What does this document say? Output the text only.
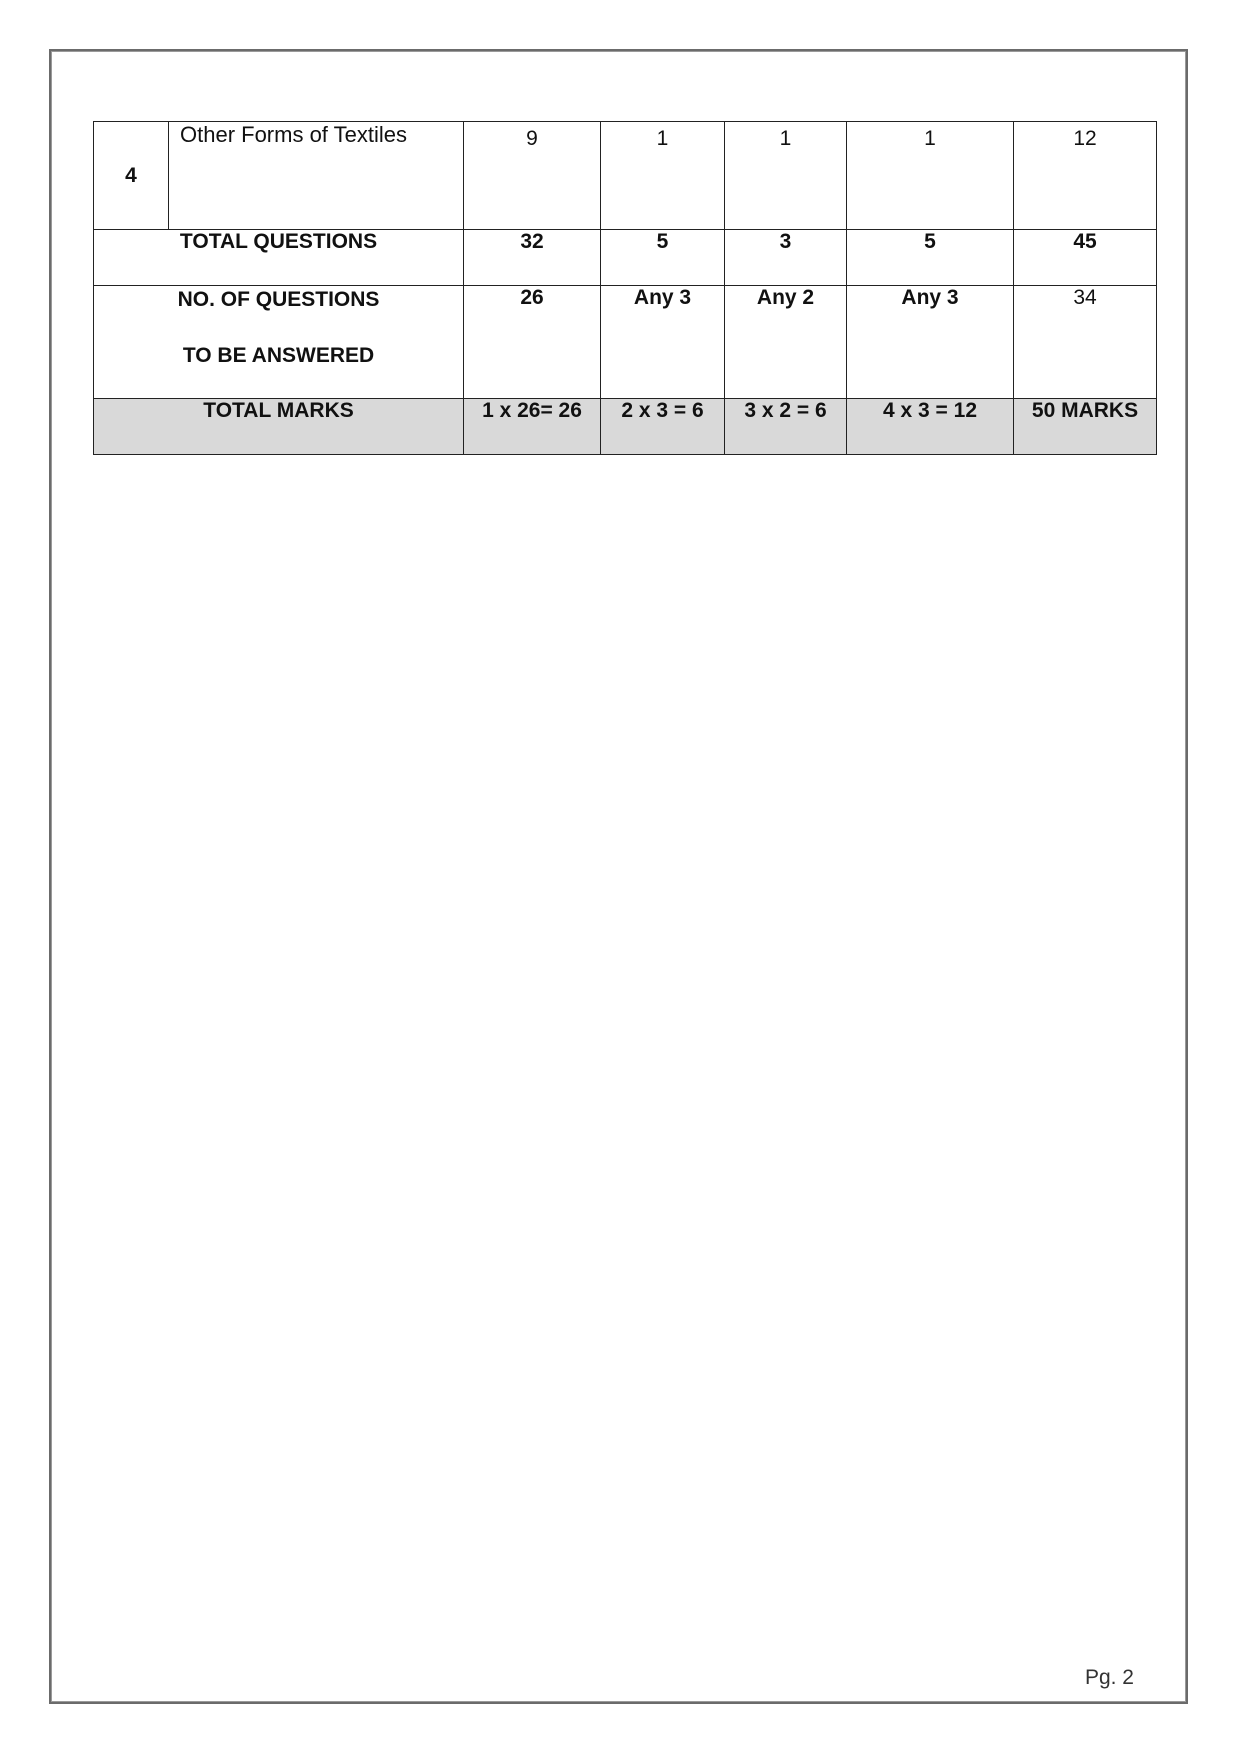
4	Other Forms of Textiles	9	1	1	1	12
TOTAL QUESTIONS		32	5	3	5	45

NO. OF QUESTIONS
TO BE ANSWERED		26	Any 3	Any 2	Any 3	34
TOTAL MARKS		1 x 26= 26	2 x 3 = 6	3 x 2 = 6	4 x 3 = 12	50 MARKS
Pg. 2
